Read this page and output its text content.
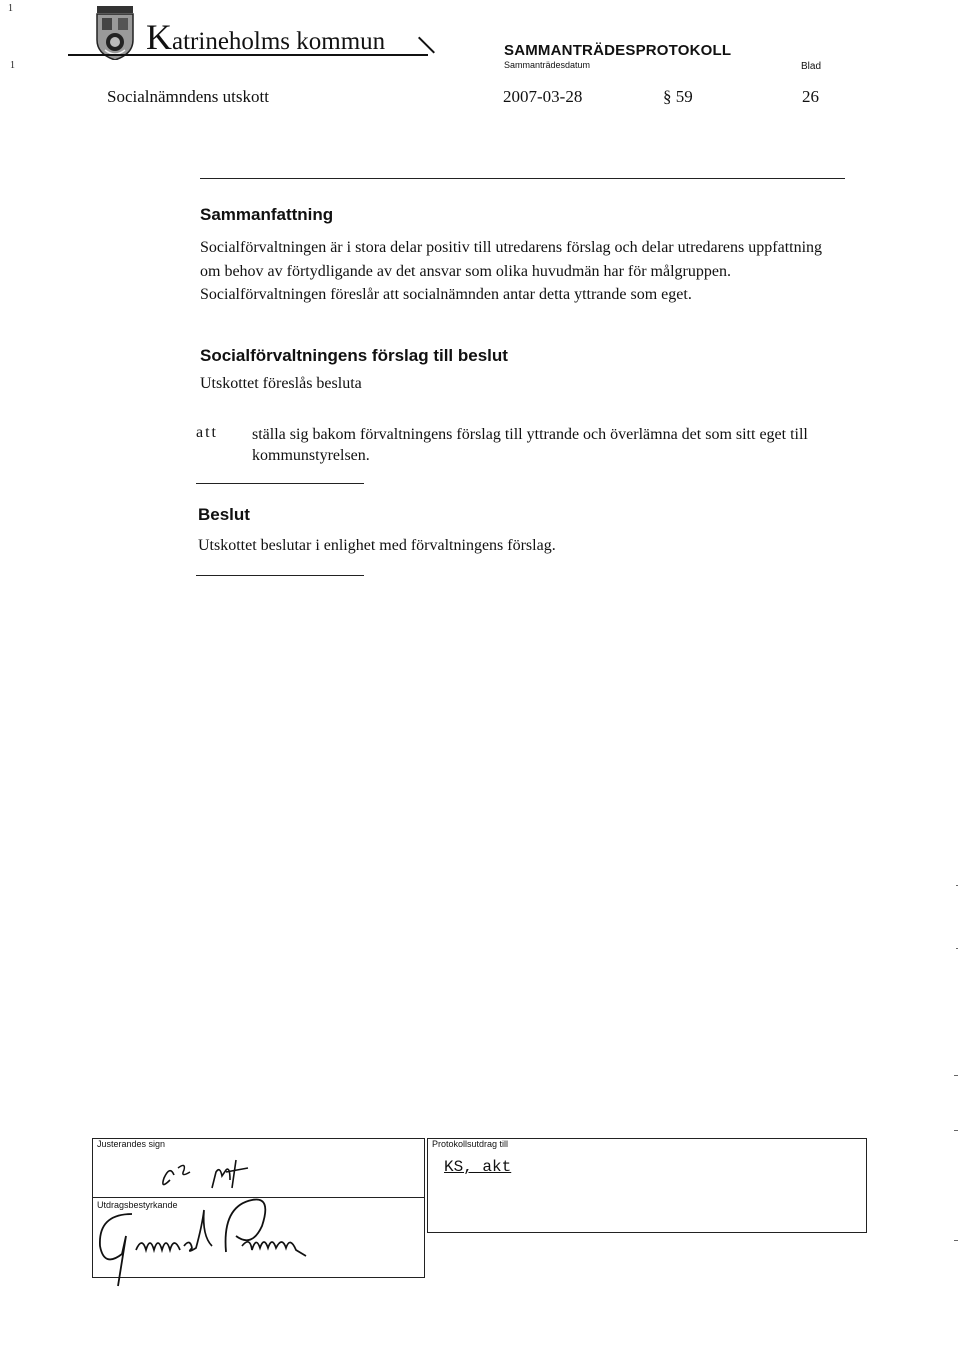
1
1
Katrineholms kommun	SAMMANTRÄDESPROTOKOLL
Sammanträdesdatum	Blad
Socialnämndens utskott	2007-03-28	§ 59	26
Sammanfattning
Socialförvaltningen är i stora delar positiv till utredarens förslag och delar utredarens uppfattning om behov av förtydligande av det ansvar som olika huvudmän har för målgruppen. Socialförvaltningen föreslår att socialnämnden antar detta yttrande som eget.
Socialförvaltningens förslag till beslut
Utskottet föreslås besluta
att ställa sig bakom förvaltningens förslag till yttrande och överlämna det som sitt eget till kommunstyrelsen.
Beslut
Utskottet beslutar i enlighet med förvaltningens förslag.
Justerandes sign
Utdragsbestyrkande
Protokollsutdrag till
KS, akt
